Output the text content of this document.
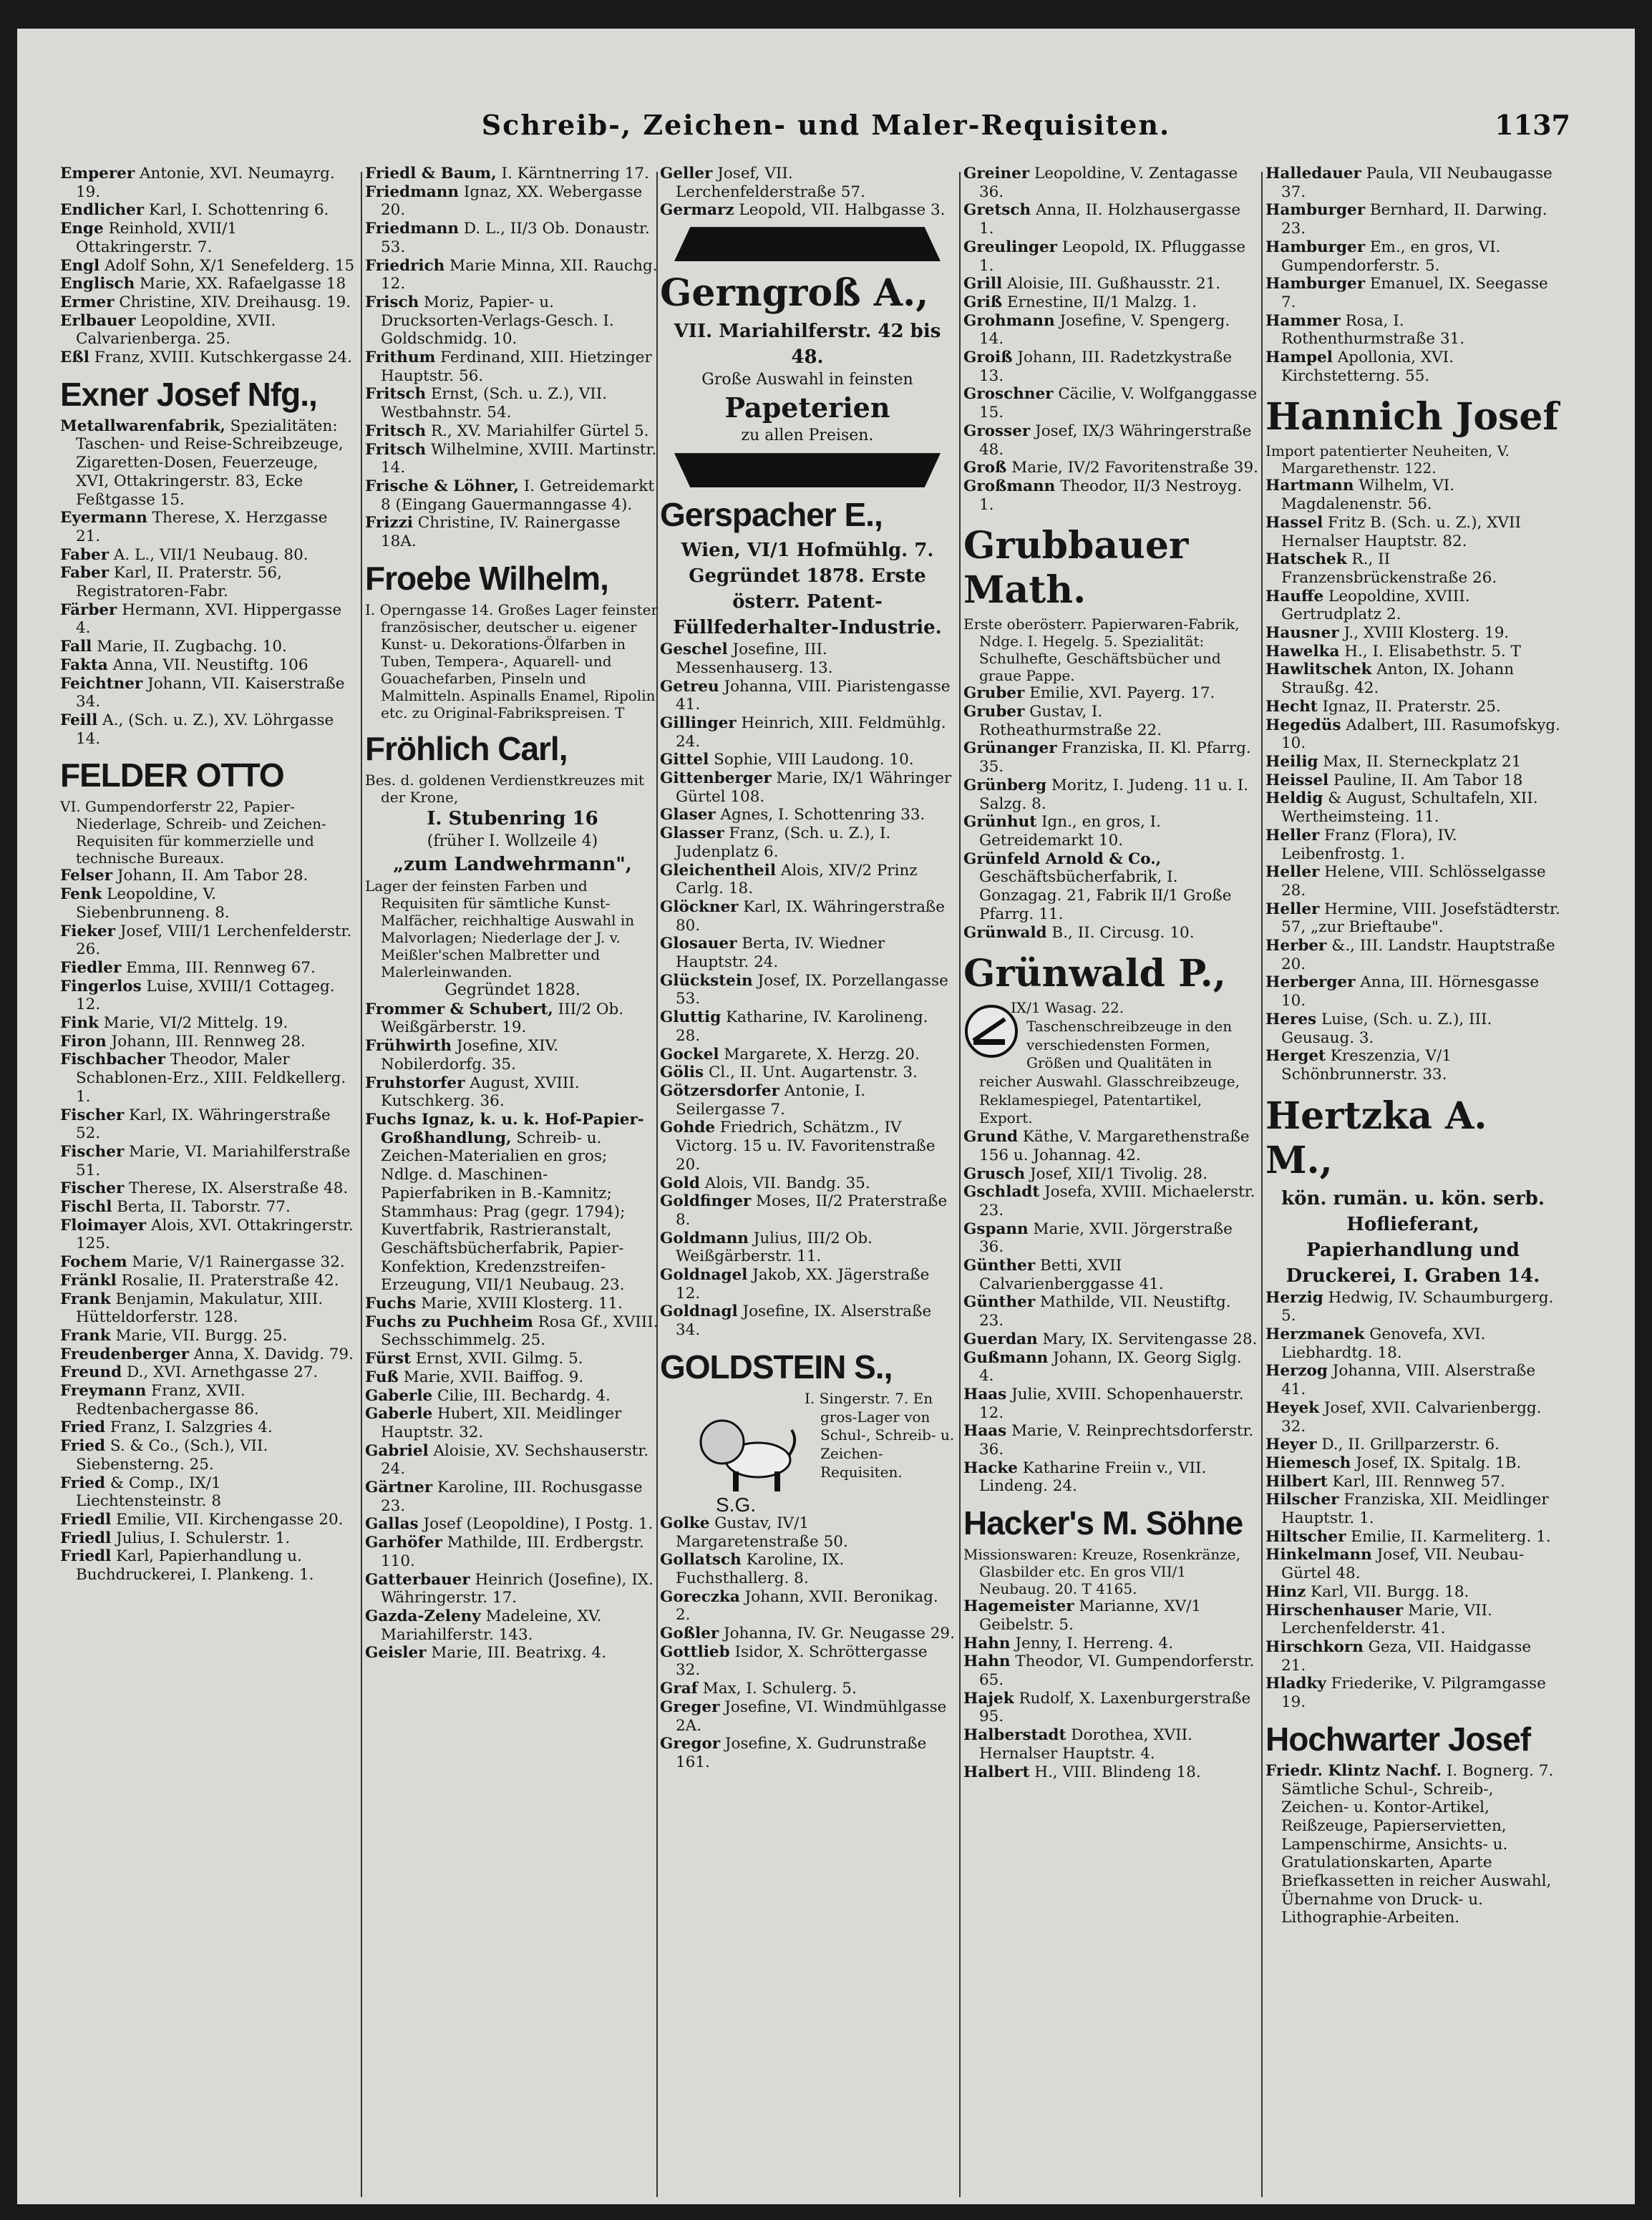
Schreib-, Zeichen- und Maler-Requisiten.	1137
Emperer Antonie, XVI. Neumayrg. 19.
Endlicher Karl, I. Schottenring 6.
Enge Reinhold, XVII/1 Ottakringerstr. 7.
Engl Adolf Sohn, X/1 Senefelderg. 15
Englisch Marie, XX. Rafaelgasse 18
Ermer Christine, XIV. Dreihausg. 19.
Erlbauer Leopoldine, XVII. Calvarienberga. 25.
Eßl Franz, XVIII. Kutschkergasse 24.
Exner Josef Nfg.,
Metallwarenfabrik, Spezialitäten: Taschen- und Reise-Schreibzeuge, Zigaretten-Dosen, Feuerzeuge, XVI, Ottakringerstr. 83, Ecke Feßtgasse 15.
Eyermann Therese, X. Herzgasse 21.
Faber A. L., VII/1 Neubaug. 80.
Faber Karl, II. Praterstr. 56, Registratoren-Fabr.
Färber Hermann, XVI. Hippergasse 4.
Fall Marie, II. Zugbachg. 10.
Fakta Anna, VII. Neustiftg. 106
Feichtner Johann, VII. Kaiserstraße 34.
Feill A., (Sch. u. Z.), XV. Löhrgasse 14.
FELDER OTTO
VI. Gumpendorferstr 22, Papier-Niederlage, Schreib- und Zeichen-Requisiten für kommerzielle und technische Bureaux.
Felser Johann, II. Am Tabor 28.
Fenk Leopoldine, V. Siebenbrunneng. 8.
Fieker Josef, VIII/1 Lerchenfelderstr. 26.
Fiedler Emma, III. Rennweg 67.
Fingerlos Luise, XVIII/1 Cottageg. 12.
Fink Marie, VI/2 Mittelg. 19.
Firon Johann, III. Rennweg 28.
Fischbacher Theodor, Maler Schablonen-Erz., XIII. Feldkellerg. 1.
Fischer Karl, IX. Währingerstraße 52.
Fischer Marie, VI. Mariahilferstraße 51.
Fischer Therese, IX. Alserstraße 48.
Fischl Berta, II. Taborstr. 77.
Floimayer Alois, XVI. Ottakringerstr. 125.
Fochem Marie, V/1 Rainergasse 32.
Fränkl Rosalie, II. Praterstraße 42.
Frank Benjamin, Makulatur, XIII. Hütteldorferstr. 128.
Frank Marie, VII. Burgg. 25.
Freudenberger Anna, X. Davidg. 79.
Freund D., XVI. Arnethgasse 27.
Freymann Franz, XVII. Redtenbachergasse 86.
Fried Franz, I. Salzgries 4.
Fried S. & Co., (Sch.), VII. Siebensterng. 25.
Fried & Comp., IX/1 Liechtensteinstr. 8
Friedl Emilie, VII. Kirchengasse 20.
Friedl Julius, I. Schulerstr. 1.
Friedl Karl, Papierhandlung u. Buchdruckerei, I. Plankeng. 1.
Friedl & Baum, I. Kärntnerring 17.
Friedmann Ignaz, XX. Webergasse 20.
Friedmann D. L., II/3 Ob. Donaustr. 53.
Friedrich Marie Minna, XII. Rauchg. 12.
Frisch Moriz, Papier- u. Drucksorten-Verlags-Gesch. I. Goldschmidg. 10.
Frithum Ferdinand, XIII. Hietzinger Hauptstr. 56.
Fritsch Ernst, (Sch. u. Z.), VII. Westbahnstr. 54.
Fritsch R., XV. Mariahilfer Gürtel 5.
Fritsch Wilhelmine, XVIII. Martinstr. 14.
Frische & Löhner, I. Getreidemarkt 8 (Eingang Gauermanngasse 4).
Frizzi Christine, IV. Rainergasse 18A.
Froebe Wilhelm,
I. Operngasse 14. Großes Lager feinster französischer, deutscher u. eigener Kunst- u. Dekorations-Ölfarben in Tuben, Tempera-, Aquarell- und Gouachefarben, Pinseln und Malmitteln. Aspinalls Enamel, Ripolin etc. zu Original-Fabrikspreisen. T
Fröhlich Carl,
Bes. d. goldenen Verdienstkreuzes mit der Krone,
I. Stubenring 16
(früher I. Wollzeile 4)
„zum Landwehrmann",
Lager der feinsten Farben und Requisiten für sämtliche Kunst-Malfächer, reichhaltige Auswahl in Malvorlagen; Niederlage der J. v. Meißler'schen Malbretter und Malerleinwanden.
Gegründet 1828.
Frommer & Schubert, III/2 Ob. Weißgärberstr. 19.
Frühwirth Josefine, XIV. Nobilerdorfg. 35.
Fruhstorfer August, XVIII. Kutschkerg. 36.
Fuchs Ignaz, k. u. k. Hof-Papier-Großhandlung, Schreib- u. Zeichen-Materialien en gros; Ndlge. d. Maschinen-Papierfabriken in B.-Kamnitz; Stammhaus: Prag (gegr. 1794); Kuvertfabrik, Rastrieranstalt, Geschäftsbücherfabrik, Papier-Konfektion, Kredenzstreifen-Erzeugung, VII/1 Neubaug. 23.
Fuchs Marie, XVIII Klosterg. 11.
Fuchs zu Puchheim Rosa Gf., XVIII. Sechsschimmelg. 25.
Fürst Ernst, XVII. Gilmg. 5.
Fuß Marie, XVII. Baiffog. 9.
Gaberle Cilie, III. Bechardg. 4.
Gaberle Hubert, XII. Meidlinger Hauptstr. 32.
Gabriel Aloisie, XV. Sechshauserstr. 24.
Gärtner Karoline, III. Rochusgasse 23.
Gallas Josef (Leopoldine), I Postg. 1.
Garhöfer Mathilde, III. Erdbergstr. 110.
Gatterbauer Heinrich (Josefine), IX. Währingerstr. 17.
Gazda-Zeleny Madeleine, XV. Mariahilferstr. 143.
Geisler Marie, III. Beatrixg. 4.
Geller Josef, VII. Lerchenfelderstraße 57.
Germarz Leopold, VII. Halbgasse 3.
Gerngroß A.,
VII. Mariahilferstr. 42 bis 48.
Große Auswahl in feinsten
Papeterien
zu allen Preisen.
Gerspacher E.,
Wien, VI/1 Hofmühlg. 7. Gegründet 1878. Erste österr. Patent-Füllfederhalter-Industrie.
Geschel Josefine, III. Messenhauserg. 13.
Getreu Johanna, VIII. Piaristengasse 41.
Gillinger Heinrich, XIII. Feldmühlg. 24.
Gittel Sophie, VIII Laudong. 10.
Gittenberger Marie, IX/1 Währinger Gürtel 108.
Glaser Agnes, I. Schottenring 33.
Glasser Franz, (Sch. u. Z.), I. Judenplatz 6.
Gleichentheil Alois, XIV/2 Prinz Carlg. 18.
Glöckner Karl, IX. Währingerstraße 80.
Glosauer Berta, IV. Wiedner Hauptstr. 24.
Glückstein Josef, IX. Porzellangasse 53.
Gluttig Katharine, IV. Karolineng. 28.
Gockel Margarete, X. Herzg. 20.
Gölis Cl., II. Unt. Augartenstr. 3.
Götzersdorfer Antonie, I. Seilergasse 7.
Gohde Friedrich, Schätzm., IV Victorg. 15 u. IV. Favoritenstraße 20.
Gold Alois, VII. Bandg. 35.
Goldfinger Moses, II/2 Praterstraße 8.
Goldmann Julius, III/2 Ob. Weißgärberstr. 11.
Goldnagel Jakob, XX. Jägerstraße 12.
Goldnagl Josefine, IX. Alserstraße 34.
GOLDSTEIN S.,
S.G.
I. Singerstr. 7. En gros-Lager von Schul-, Schreib- u. Zeichen-Requisiten.
Golke Gustav, IV/1 Margaretenstraße 50.
Gollatsch Karoline, IX. Fuchsthallerg. 8.
Goreczka Johann, XVII. Beronikag. 2.
Goßler Johanna, IV. Gr. Neugasse 29.
Gottlieb Isidor, X. Schröttergasse 32.
Graf Max, I. Schulerg. 5.
Greger Josefine, VI. Windmühlgasse 2A.
Gregor Josefine, X. Gudrunstraße 161.
Greiner Leopoldine, V. Zentagasse 36.
Gretsch Anna, II. Holzhausergasse 1.
Greulinger Leopold, IX. Pfluggasse 1.
Grill Aloisie, III. Gußhausstr. 21.
Griß Ernestine, II/1 Malzg. 1.
Grohmann Josefine, V. Spengerg. 14.
Groiß Johann, III. Radetzkystraße 13.
Groschner Cäcilie, V. Wolfganggasse 15.
Grosser Josef, IX/3 Währingerstraße 48.
Groß Marie, IV/2 Favoritenstraße 39.
Großmann Theodor, II/3 Nestroyg. 1.
Grubbauer Math.
Erste oberösterr. Papierwaren-Fabrik, Ndge. I. Hegelg. 5. Spezialität: Schulhefte, Geschäftsbücher und graue Pappe.
Gruber Emilie, XVI. Payerg. 17.
Gruber Gustav, I. Rotheathurmstraße 22.
Grünanger Franziska, II. Kl. Pfarrg. 35.
Grünberg Moritz, I. Judeng. 11 u. I. Salzg. 8.
Grünhut Ign., en gros, I. Getreidemarkt 10.
Grünfeld Arnold & Co., Geschäftsbücherfabrik, I. Gonzagag. 21, Fabrik II/1 Große Pfarrg. 11.
Grünwald B., II. Circusg. 10.
Grünwald P.,
IX/1 Wasag. 22. Taschenschreibzeuge in den verschiedensten Formen, Größen und Qualitäten in reicher Auswahl. Glasschreibzeuge, Reklamespiegel, Patentartikel, Export.
Grund Käthe, V. Margarethenstraße 156 u. Johannag. 42.
Grusch Josef, XII/1 Tivolig. 28.
Gschladt Josefa, XVIII. Michaelerstr. 23.
Gspann Marie, XVII. Jörgerstraße 36.
Günther Betti, XVII Calvarienberggasse 41.
Günther Mathilde, VII. Neustiftg. 23.
Guerdan Mary, IX. Servitengasse 28.
Gußmann Johann, IX. Georg Siglg. 4.
Haas Julie, XVIII. Schopenhauerstr. 12.
Haas Marie, V. Reinprechtsdorferstr. 36.
Hacke Katharine Freiin v., VII. Lindeng. 24.
Hacker's M. Söhne
Missionswaren: Kreuze, Rosenkränze, Glasbilder etc. En gros VII/1 Neubaug. 20. T 4165.
Hagemeister Marianne, XV/1 Geibelstr. 5.
Hahn Jenny, I. Herreng. 4.
Hahn Theodor, VI. Gumpendorferstr. 65.
Hajek Rudolf, X. Laxenburgerstraße 95.
Halberstadt Dorothea, XVII. Hernalser Hauptstr. 4.
Halbert H., VIII. Blindeng 18.
Halledauer Paula, VII Neubaugasse 37.
Hamburger Bernhard, II. Darwing. 23.
Hamburger Em., en gros, VI. Gumpendorferstr. 5.
Hamburger Emanuel, IX. Seegasse 7.
Hammer Rosa, I. Rothenthurmstraße 31.
Hampel Apollonia, XVI. Kirchstetterng. 55.
Hannich Josef
Import patentierter Neuheiten, V. Margarethenstr. 122.
Hartmann Wilhelm, VI. Magdalenenstr. 56.
Hassel Fritz B. (Sch. u. Z.), XVII Hernalser Hauptstr. 82.
Hatschek R., II Franzensbrückenstraße 26.
Hauffe Leopoldine, XVIII. Gertrudplatz 2.
Hausner J., XVIII Klosterg. 19.
Hawelka H., I. Elisabethstr. 5. T
Hawlitschek Anton, IX. Johann Straußg. 42.
Hecht Ignaz, II. Praterstr. 25.
Hegedüs Adalbert, III. Rasumofskyg. 10.
Heilig Max, II. Sterneckplatz 21
Heissel Pauline, II. Am Tabor 18
Heldig & August, Schultafeln, XII. Wertheimsteing. 11.
Heller Franz (Flora), IV. Leibenfrostg. 1.
Heller Helene, VIII. Schlösselgasse 28.
Heller Hermine, VIII. Josefstädterstr. 57, „zur Brieftaube".
Herber &., III. Landstr. Hauptstraße 20.
Herberger Anna, III. Hörnesgasse 10.
Heres Luise, (Sch. u. Z.), III. Geusaug. 3.
Herget Kreszenzia, V/1 Schönbrunnerstr. 33.
Hertzka A. M.,
kön. rumän. u. kön. serb. Hoflieferant, Papierhandlung und Druckerei, I. Graben 14.
Herzig Hedwig, IV. Schaumburgerg. 5.
Herzmanek Genovefa, XVI. Liebhardtg. 18.
Herzog Johanna, VIII. Alserstraße 41.
Heyek Josef, XVII. Calvarienbergg. 32.
Heyer D., II. Grillparzerstr. 6.
Hiemesch Josef, IX. Spitalg. 1B.
Hilbert Karl, III. Rennweg 57.
Hilscher Franziska, XII. Meidlinger Hauptstr. 1.
Hiltscher Emilie, II. Karmeliterg. 1.
Hinkelmann Josef, VII. Neubau-Gürtel 48.
Hinz Karl, VII. Burgg. 18.
Hirschenhauser Marie, VII. Lerchenfelderstr. 41.
Hirschkorn Geza, VII. Haidgasse 21.
Hladky Friederike, V. Pilgramgasse 19.
Hochwarter Josef
Friedr. Klintz Nachf. I. Bognerg. 7. Sämtliche Schul-, Schreib-, Zeichen- u. Kontor-Artikel, Reißzeuge, Papierservietten, Lampenschirme, Ansichts- u. Gratulationskarten, Aparte Briefkassetten in reicher Auswahl, Übernahme von Druck- u. Lithographie-Arbeiten.
